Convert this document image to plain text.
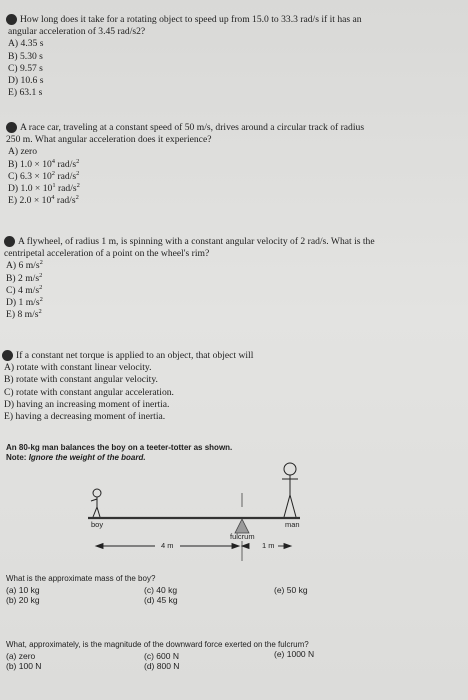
How long does it take for a rotating object to speed up from 15.0 to 33.3 rad/s if it has an
angular acceleration of 3.45 rad/s2?
A) 4.35 s
B) 5.30 s
C) 9.57 s
D) 10.6 s
E) 63.1 s
A race car, traveling at a constant speed of 50 m/s, drives around a circular track of radius
250 m. What angular acceleration does it experience?
A) zero
B) $1.0 \times 10^4$ rad/$s^2$
C) $6.3 \times 10^2$ rad/$s^2$
D) $1.0 \times 10^1$ rad/$s^2$
E) $2.0 \times 10^4$ rad/$s^2$
A flywheel, of radius 1 m, is spinning with a constant angular velocity of 2 rad/s. What is the
centripetal acceleration of a point on the wheel's rim?
A) 6 $m/s^2$
B) 2 $m/s^2$
C) 4 $m/s^2$
D) 1 $m/s^2$
E) 8 $m/s^2$
If a constant net torque is applied to an object, that object will
A) rotate with constant linear velocity.
B) rotate with constant angular velocity.
C) rotate with constant angular acceleration.
D) having an increasing moment of inertia.
E) having a decreasing moment of inertia.
An 80-kg man balances the boy on a teeter-totter as shown.
Note: Ignore the weight of the board.
boy	man
fulcrum
4 m	1 m
What is the approximate mass of the boy?
(a) 10 kg
(b) 20 kg
(c) 40 kg
(d) 45 kg
(e) 50 kg
What, approximately, is the magnitude of the downward force exerted on the fulcrum?
(a) zero
(b) 100 N
(c) 600 N
(d) 800 N
(e) 1000 N
